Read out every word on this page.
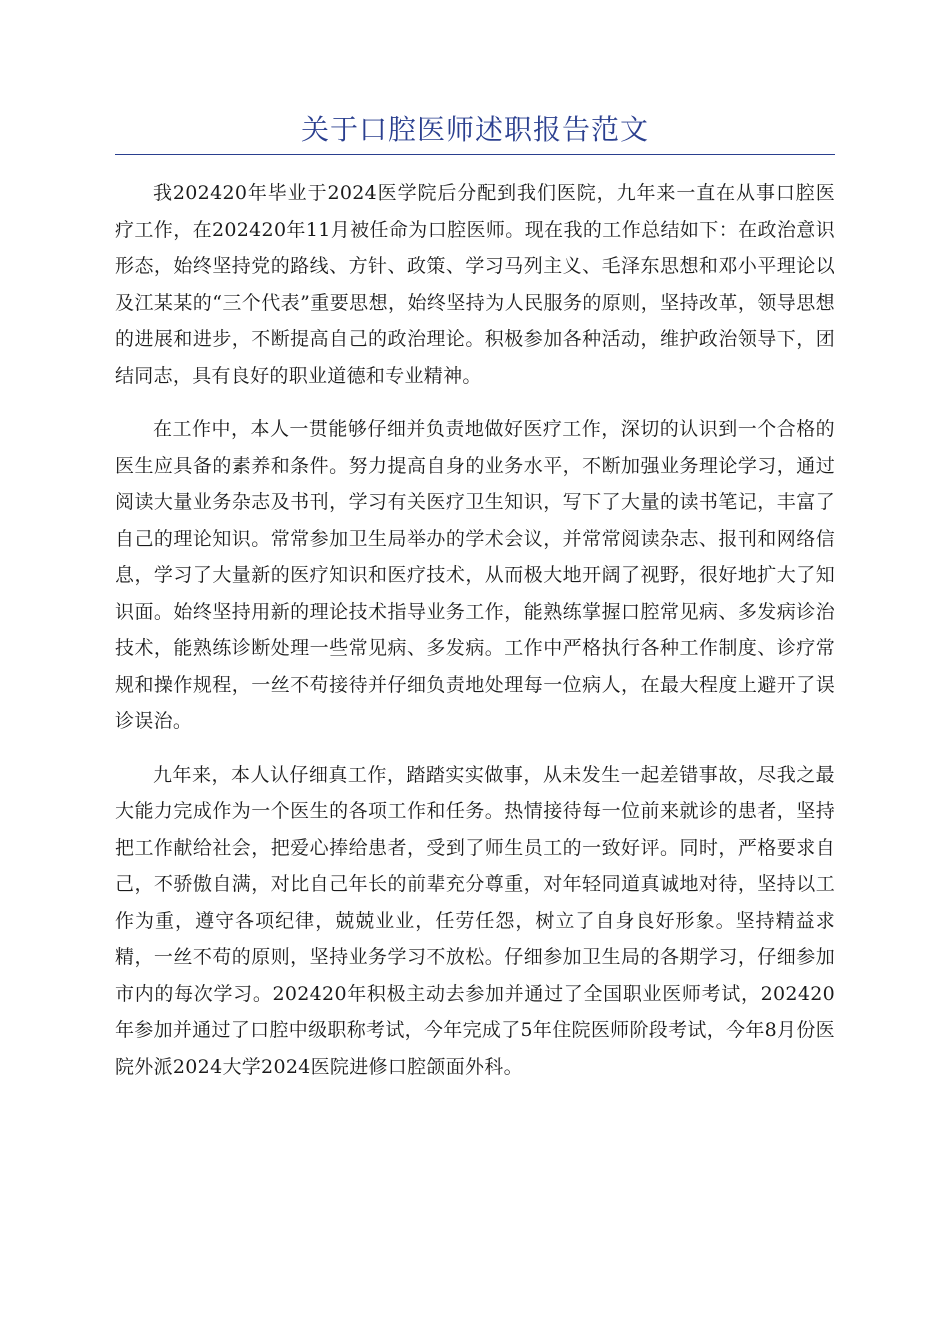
关于口腔医师述职报告范文

我202420年毕业于2024医学院后分配到我们医院，九年来一直在从事口腔医疗工作，在202420年11月被任命为口腔医师。现在我的工作总结如下：在政治意识形态，始终坚持党的路线、方针、政策、学习马列主义、毛泽东思想和邓小平理论以及江某某的“三个代表”重要思想，始终坚持为人民服务的原则，坚持改革，领导思想的进展和进步，不断提高自己的政治理论。积极参加各种活动，维护政治领导下，团结同志，具有良好的职业道德和专业精神。

在工作中，本人一贯能够仔细并负责地做好医疗工作，深切的认识到一个合格的医生应具备的素养和条件。努力提高自身的业务水平，不断加强业务理论学习，通过阅读大量业务杂志及书刊，学习有关医疗卫生知识，写下了大量的读书笔记，丰富了自己的理论知识。常常参加卫生局举办的学术会议，并常常阅读杂志、报刊和网络信息，学习了大量新的医疗知识和医疗技术，从而极大地开阔了视野，很好地扩大了知识面。始终坚持用新的理论技术指导业务工作，能熟练掌握口腔常见病、多发病诊治技术，能熟练诊断处理一些常见病、多发病。工作中严格执行各种工作制度、诊疗常规和操作规程，一丝不苟接待并仔细负责地处理每一位病人，在最大程度上避开了误诊误治。

九年来，本人认仔细真工作，踏踏实实做事，从未发生一起差错事故，尽我之最大能力完成作为一个医生的各项工作和任务。热情接待每一位前来就诊的患者，坚持把工作献给社会，把爱心捧给患者，受到了师生员工的一致好评。同时，严格要求自己，不骄傲自满，对比自己年长的前辈充分尊重，对年轻同道真诚地对待，坚持以工作为重，遵守各项纪律，兢兢业业，任劳任怨，树立了自身良好形象。坚持精益求精，一丝不苟的原则，坚持业务学习不放松。仔细参加卫生局的各期学习，仔细参加市内的每次学习。202420年积极主动去参加并通过了全国职业医师考试，202420年参加并通过了口腔中级职称考试，今年完成了5年住院医师阶段考试，今年8月份医院外派2024大学2024医院进修口腔颌面外科。
